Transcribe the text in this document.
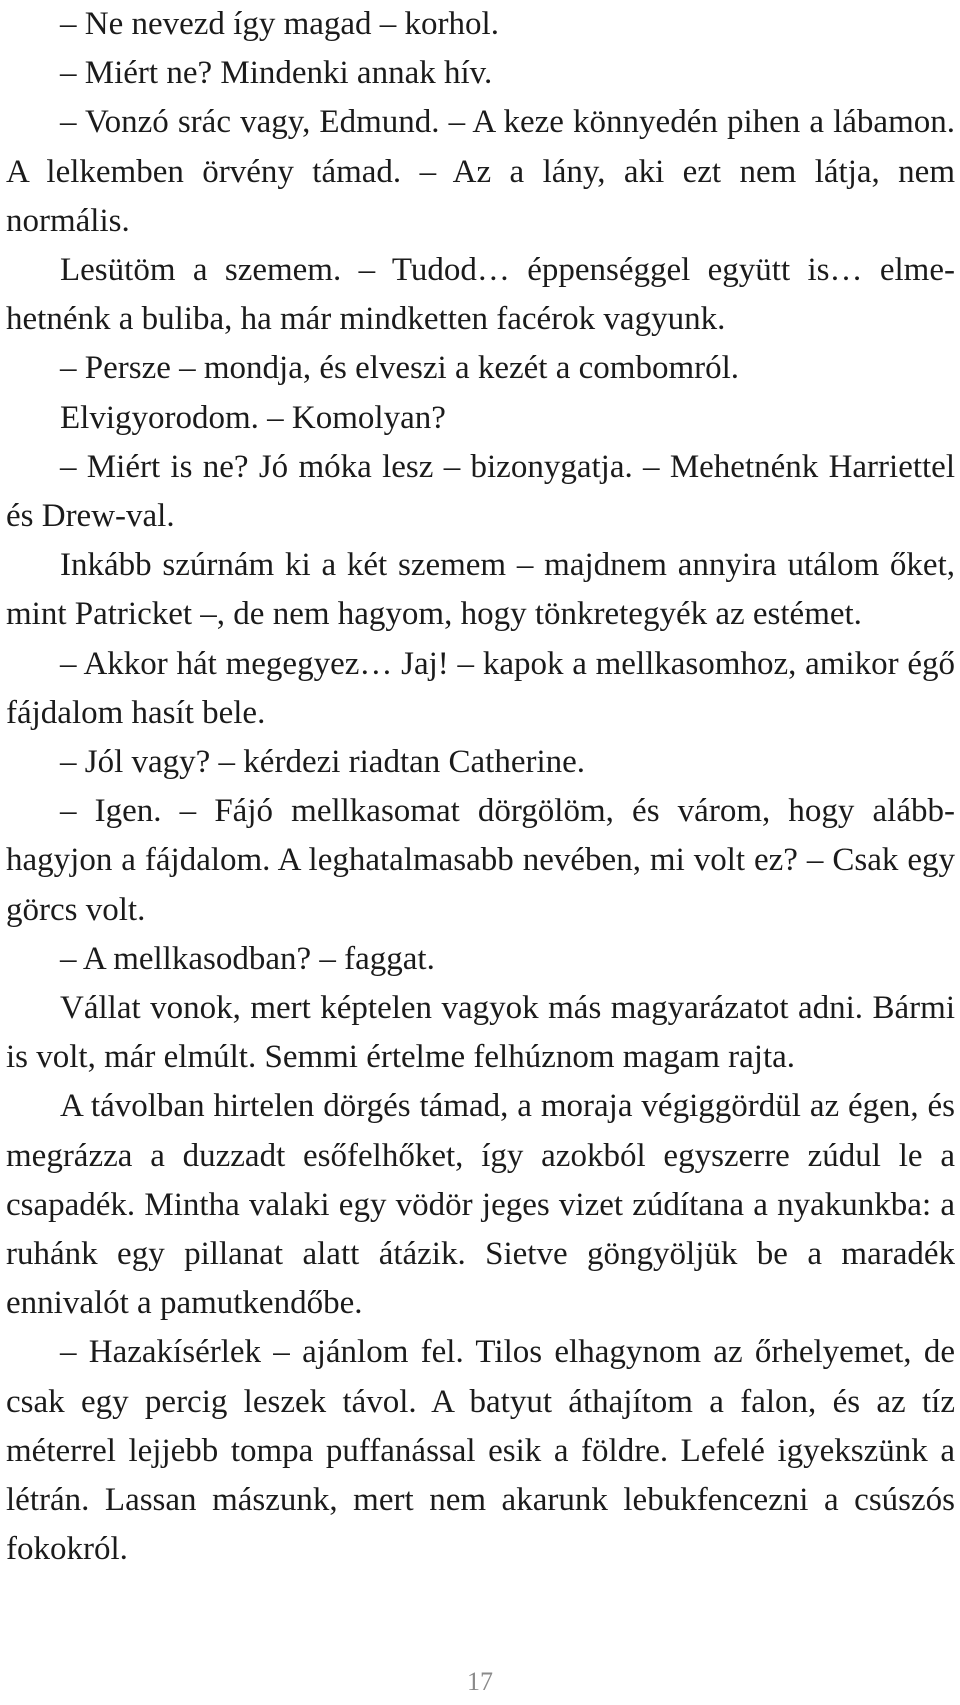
– Ne nevezd így magad – korhol.

– Miért ne? Mindenki annak hív.

– Vonzó srác vagy, Edmund. – A keze könnyedén pihen a lábamon. A lelkemben örvény támad. – Az a lány, aki ezt nem látja, nem normális.

Lesütöm a szemem. – Tudod… éppenséggel együtt is… elmehetnénk a buliba, ha már mindketten facérok vagyunk.

– Persze – mondja, és elveszi a kezét a combomról.

Elvigyorodom. – Komolyan?

– Miért is ne? Jó móka lesz – bizonygatja. – Mehetnénk Harriettel és Drew-val.

Inkább szúrnám ki a két szemem – majdnem annyira utálom őket, mint Patricket –, de nem hagyom, hogy tönkretegyék az estémet.

– Akkor hát megegyez… Jaj! – kapok a mellkasomhoz, amikor égő fájdalom hasít bele.

– Jól vagy? – kérdezi riadtan Catherine.

– Igen. – Fájó mellkasomat dörgölöm, és várom, hogy alábbhagyjon a fájdalom. A leghatalmasabb nevében, mi volt ez? – Csak egy görcs volt.

– A mellkasodban? – faggat.

Vállat vonok, mert képtelen vagyok más magyarázatot adni. Bármi is volt, már elmúlt. Semmi értelme felhúznom magam rajta.

A távolban hirtelen dörgés támad, a moraja végiggördül az égen, és megrázza a duzzadt esőfelhőket, így azokból egyszerre zúdul le a csapadék. Mintha valaki egy vödör jeges vizet zúdítana a nyakunkba: a ruhánk egy pillanat alatt átázik. Sietve göngyöljük be a maradék ennivalót a pamutkendőbe.

– Hazakísérlek – ajánlom fel. Tilos elhagynom az őrhelyemet, de csak egy percig leszek távol. A batyut áthajítom a falon, és az tíz méterrel lejjebb tompa puffanással esik a földre. Lefelé igyekszünk a létrán. Lassan mászunk, mert nem akarunk lebukfencezni a csúszós fokokról.

17
